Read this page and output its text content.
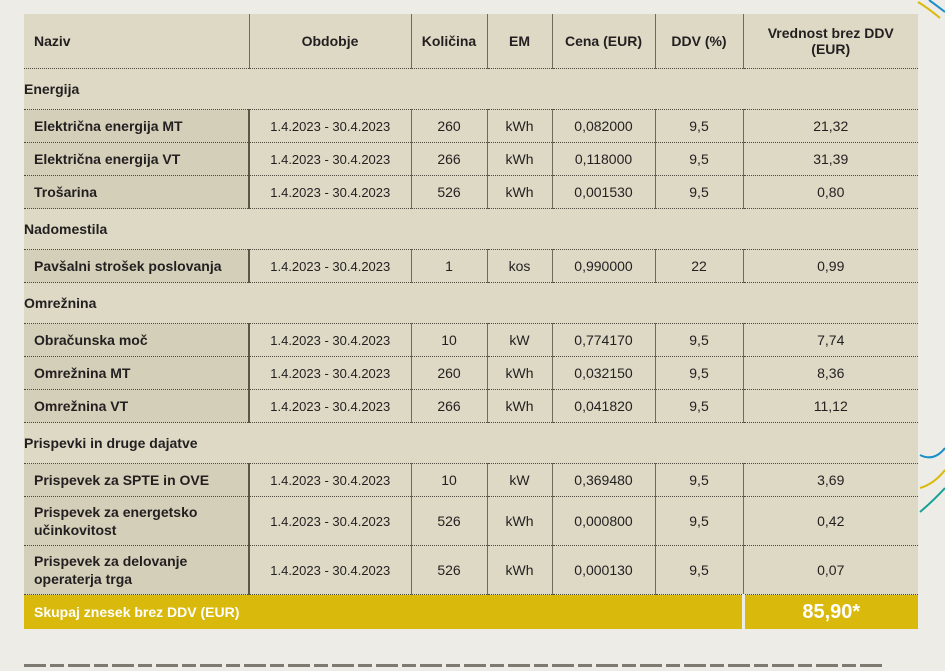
Naziv	Obdobje	Količina	EM	Cena (EUR)	DDV (%)	Vrednost brez DDV
(EUR)
Energija						
Električna energija MT	1.4.2023 - 30.4.2023	260	kWh	0,082000	9,5	21,32
Električna energija VT	1.4.2023 - 30.4.2023	266	kWh	0,118000	9,5	31,39
Trošarina	1.4.2023 - 30.4.2023	526	kWh	0,001530	9,5	0,80
Nadomestila						
Pavšalni strošek poslovanja	1.4.2023 - 30.4.2023	1	kos	0,990000	22	0,99
Omrežnina						
Obračunska moč	1.4.2023 - 30.4.2023	10	kW	0,774170	9,5	7,74
Omrežnina MT	1.4.2023 - 30.4.2023	260	kWh	0,032150	9,5	8,36
Omrežnina VT	1.4.2023 - 30.4.2023	266	kWh	0,041820	9,5	11,12
Prispevki in druge dajatve						
Prispevek za SPTE in OVE	1.4.2023 - 30.4.2023	10	kW	0,369480	9,5	3,69
Prispevek za energetsko
učinkovitost	1.4.2023 - 30.4.2023	526	kWh	0,000800	9,5	0,42
Prispevek za delovanje
operaterja trga	1.4.2023 - 30.4.2023	526	kWh	0,000130	9,5	0,07
Skupaj znesek brez DDV (EUR)						85,90*
